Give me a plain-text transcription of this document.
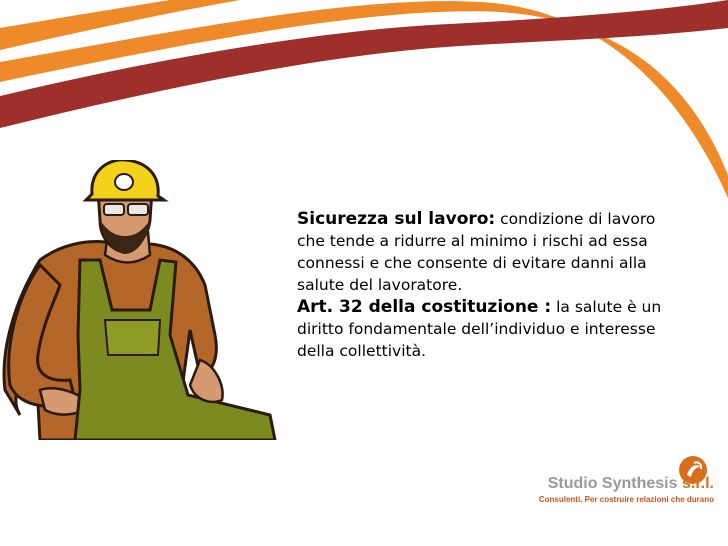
Sicurezza sul lavoro: condizione di lavoro che tende a ridurre al minimo i rischi ad essa connessi e che consente di evitare danni alla salute del lavoratore.

Art. 32 della costituzione : la salute è un diritto fondamentale dell’individuo e interesse della collettività.

Studio Synthesis s.r.l.
Consulenti. Per costruire relazioni che durano
